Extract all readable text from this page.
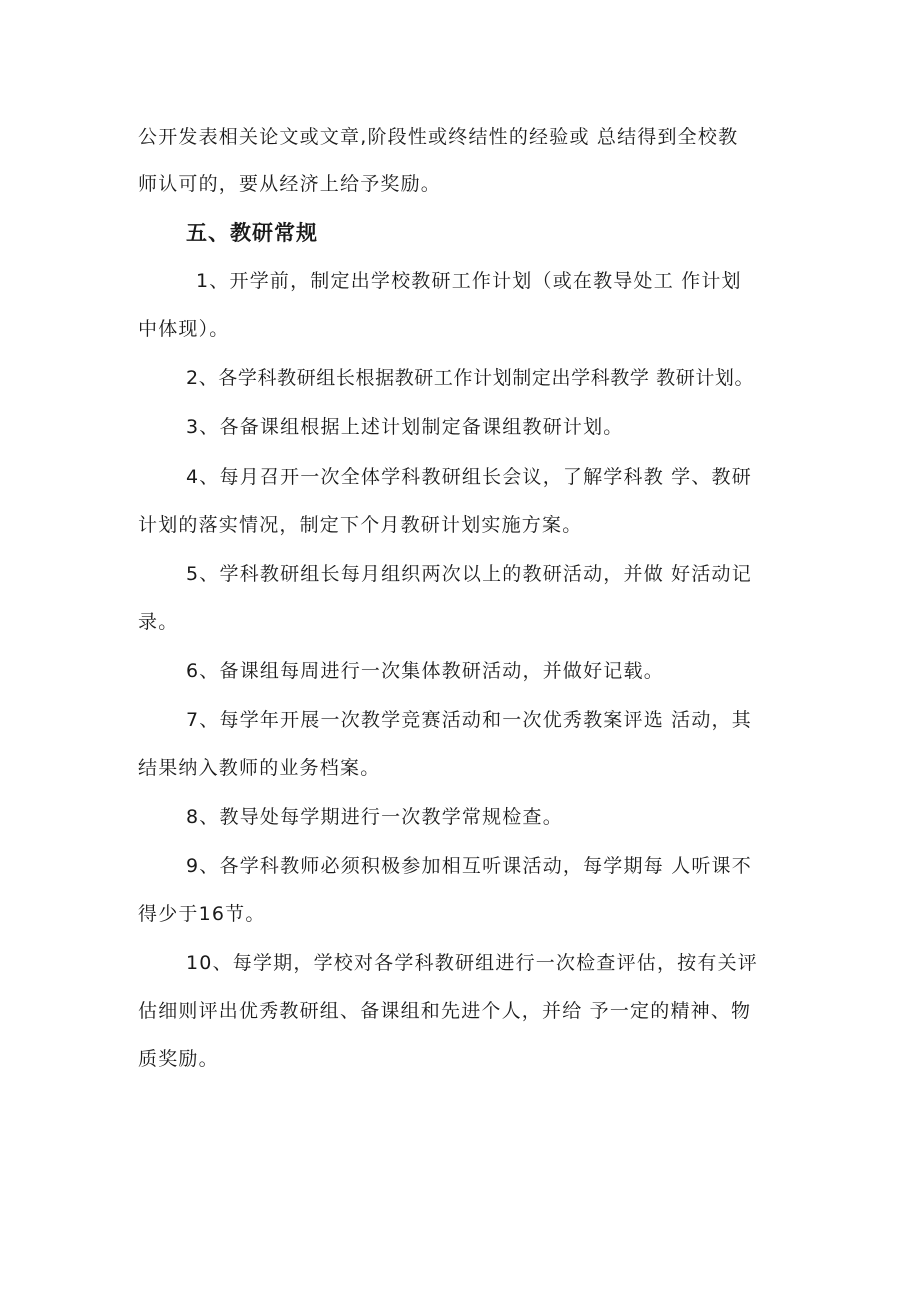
公开发表相关论文或文章,阶段性或终结性的经验或 总结得到全校教
师认可的，要从经济上给予奖励。
五、教研常规
1、开学前，制定出学校教研工作计划（或在教导处工 作计划
中体现）。
2、各学科教研组长根据教研工作计划制定出学科教学 教研计划。
3、各备课组根据上述计划制定备课组教研计划。
4、每月召开一次全体学科教研组长会议，了解学科教 学、教研
计划的落实情况，制定下个月教研计划实施方案。
5、学科教研组长每月组织两次以上的教研活动，并做 好活动记
录。
6、备课组每周进行一次集体教研活动，并做好记载。
7、每学年开展一次教学竞赛活动和一次优秀教案评选 活动，其
结果纳入教师的业务档案。
8、教导处每学期进行一次教学常规检查。
9、各学科教师必须积极参加相互听课活动，每学期每 人听课不
得少于16节。
10、每学期，学校对各学科教研组进行一次检查评估，按有关评
估细则评出优秀教研组、备课组和先进个人，并给 予一定的精神、物
质奖励。
